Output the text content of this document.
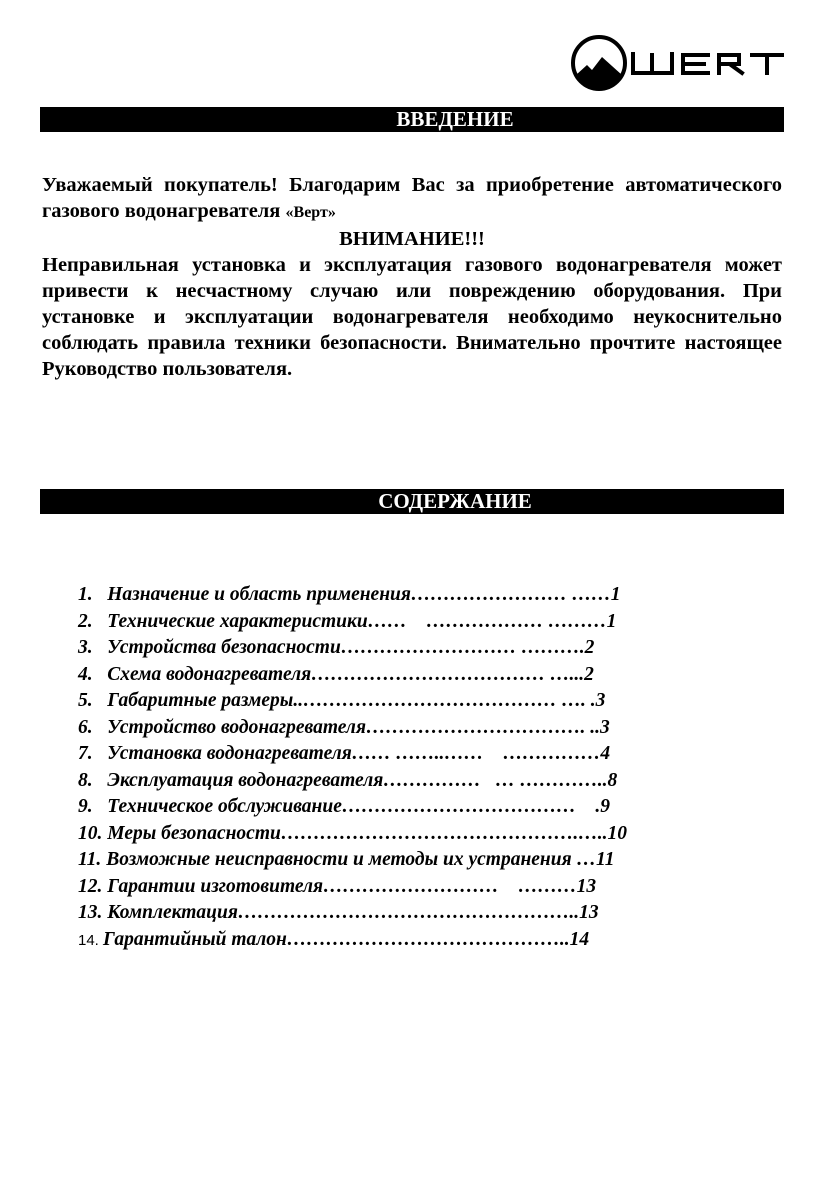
ВВЕДЕНИЕ

Уважаемый покупатель! Благодарим Вас за приобретение автоматического газового водонагревателя «Верт»

ВНИМАНИЕ!!!

Неправильная установка и эксплуатация газового водонагревателя может привести к несчастному случаю или повреждению оборудования. При установке и эксплуатации водонагревателя необходимо неукоснительно соблюдать правила техники безопасности. Внимательно прочтите настоящее Руководство пользователя.

СОДЕРЖАНИЕ
1.   Назначение и область применения…………………… ……1
2.   Технические характеристики……    ……………… ………1
3.   Устройства безопасности……………………… ……….2
4.   Схема водонагревателя……………………………… …...2
5.   Габаритные размеры..………………………………… …. .3
6.   Устройство водонагревателя……………………………. ..3
7.   Установка водонагревателя…… ……..……    ……………4
8.   Эксплуатация водонагревателя……………   … …………..8
9.   Техническое обслуживание………………………………    .9
10. Меры безопасности……………………………………….…..10
11. Возможные неисправности и методы их устранения …11
12. Гарантии изготовителя………………………    ………13
13. Комплектация……………………………………………..13
14. Гарантийный талон……………………………………..14
